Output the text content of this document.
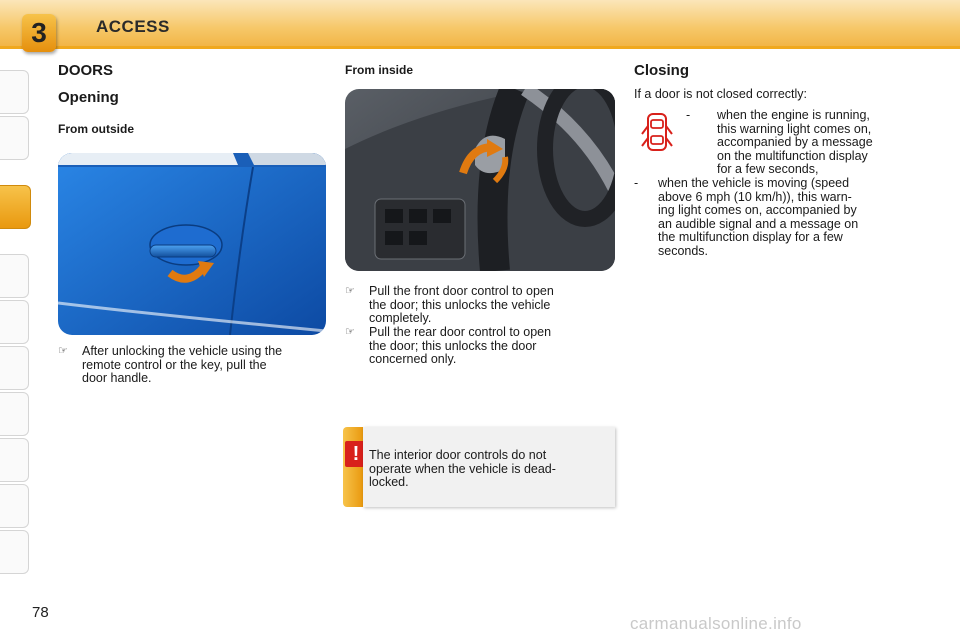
3	ACCESS
DOORS
Opening
From outside
☞ After unlocking the vehicle using the
remote control or the key, pull the
door handle.
From inside
☞ Pull the front door control to open
the door; this unlocks the vehicle
completely.
☞ Pull the rear door control to open
the door; this unlocks the door
concerned only.
! The interior door controls do not
operate when the vehicle is dead-
locked.
Closing
If a door is not closed correctly:
- when the engine is running,
this warning light comes on,
accompanied by a message
on the multifunction display
for a few seconds,
- when the vehicle is moving (speed
above 6 mph (10 km/h)), this warn-
ing light comes on, accompanied by
an audible signal and a message on
the multifunction display for a few
seconds.
78
carmanualsonline.info
